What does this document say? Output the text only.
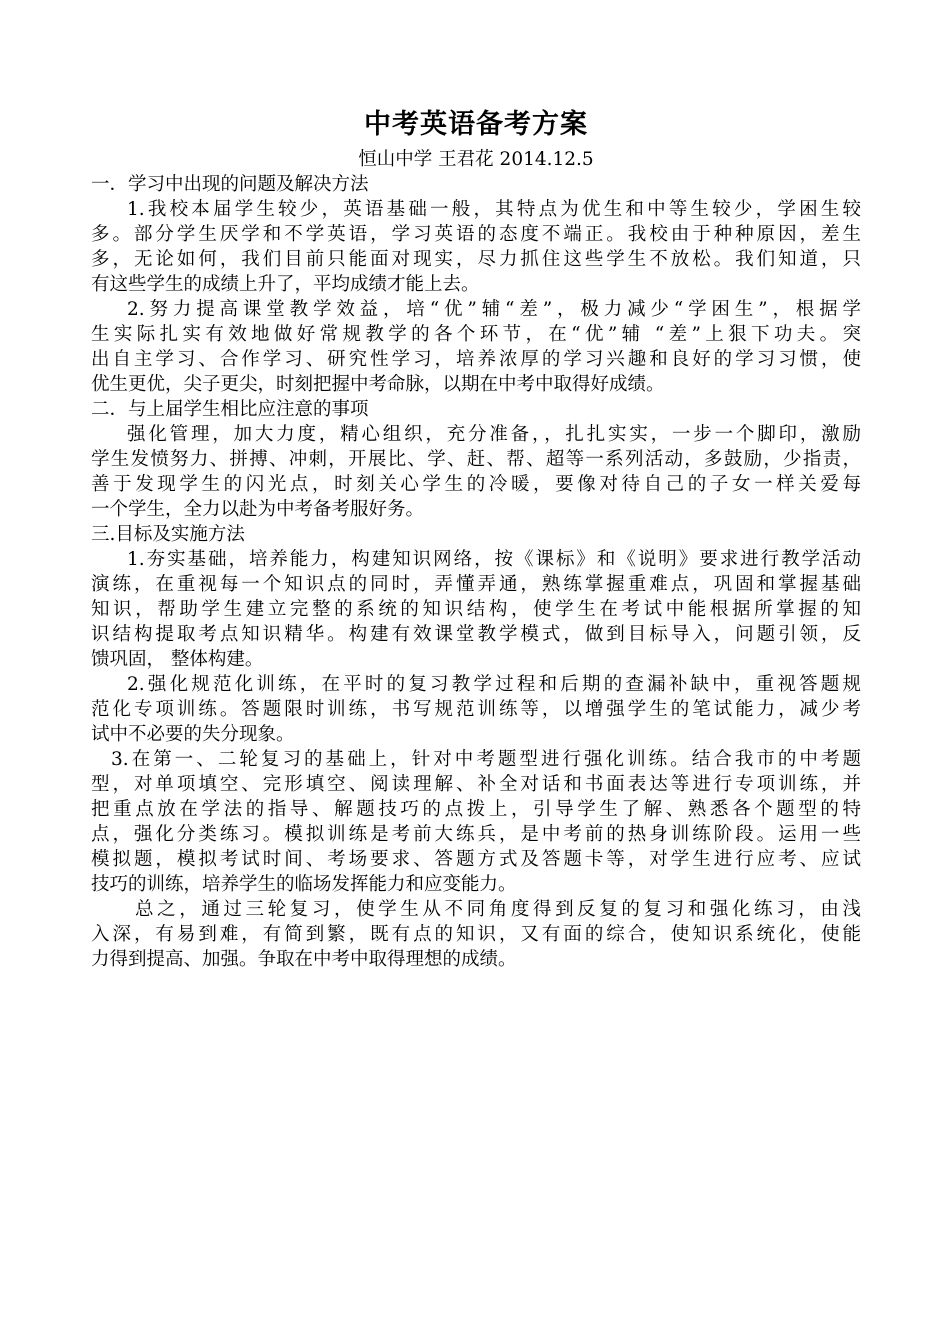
中考英语备考方案

恒山中学 王君花 2014.12.5

一．学习中出现的问题及解决方法

1.我校本届学生较少，英语基础一般，其特点为优生和中等生较少，学困生较
多。部分学生厌学和不学英语，学习英语的态度不端正。我校由于种种原因，差生
多，无论如何，我们目前只能面对现实，尽力抓住这些学生不放松。我们知道，只
有这些学生的成绩上升了，平均成绩才能上去。

2.努力提高课堂教学效益，培“优”辅“差”，极力减少“学困生”，根据学
生实际扎实有效地做好常规教学的各个环节，在“优”辅 “差”上狠下功夫。突
出自主学习、合作学习、研究性学习，培养浓厚的学习兴趣和良好的学习习惯，使
优生更优，尖子更尖，时刻把握中考命脉，以期在中考中取得好成绩。

二．与上届学生相比应注意的事项

强化管理，加大力度，精心组织，充分准备，，扎扎实实，一步一个脚印，激励
学生发愤努力、拼搏、冲刺，开展比、学、赶、帮、超等一系列活动，多鼓励，少指责，
善于发现学生的闪光点，时刻关心学生的冷暖，要像对待自己的子女一样关爱每
一个学生，全力以赴为中考备考服好务。

三.目标及实施方法

1.夯实基础，培养能力，构建知识网络，按《课标》和《说明》要求进行教学活动
演练，在重视每一个知识点的同时，弄懂弄通，熟练掌握重难点，巩固和掌握基础
知识，帮助学生建立完整的系统的知识结构，使学生在考试中能根据所掌握的知
识结构提取考点知识精华。构建有效课堂教学模式，做到目标导入，问题引领，反
馈巩固， 整体构建。

2.强化规范化训练，在平时的复习教学过程和后期的查漏补缺中，重视答题规
范化专项训练。答题限时训练，书写规范训练等，以增强学生的笔试能力，减少考
试中不必要的失分现象。

3.在第一、二轮复习的基础上，针对中考题型进行强化训练。结合我市的中考题
型，对单项填空、完形填空、阅读理解、补全对话和书面表达等进行专项训练，并
把重点放在学法的指导、解题技巧的点拨上，引导学生了解、熟悉各个题型的特
点，强化分类练习。模拟训练是考前大练兵，是中考前的热身训练阶段。运用一些
模拟题，模拟考试时间、考场要求、答题方式及答题卡等，对学生进行应考、应试
技巧的训练，培养学生的临场发挥能力和应变能力。

总之，通过三轮复习，使学生从不同角度得到反复的复习和强化练习，由浅
入深，有易到难，有简到繁，既有点的知识，又有面的综合，使知识系统化，使能
力得到提高、加强。争取在中考中取得理想的成绩。
